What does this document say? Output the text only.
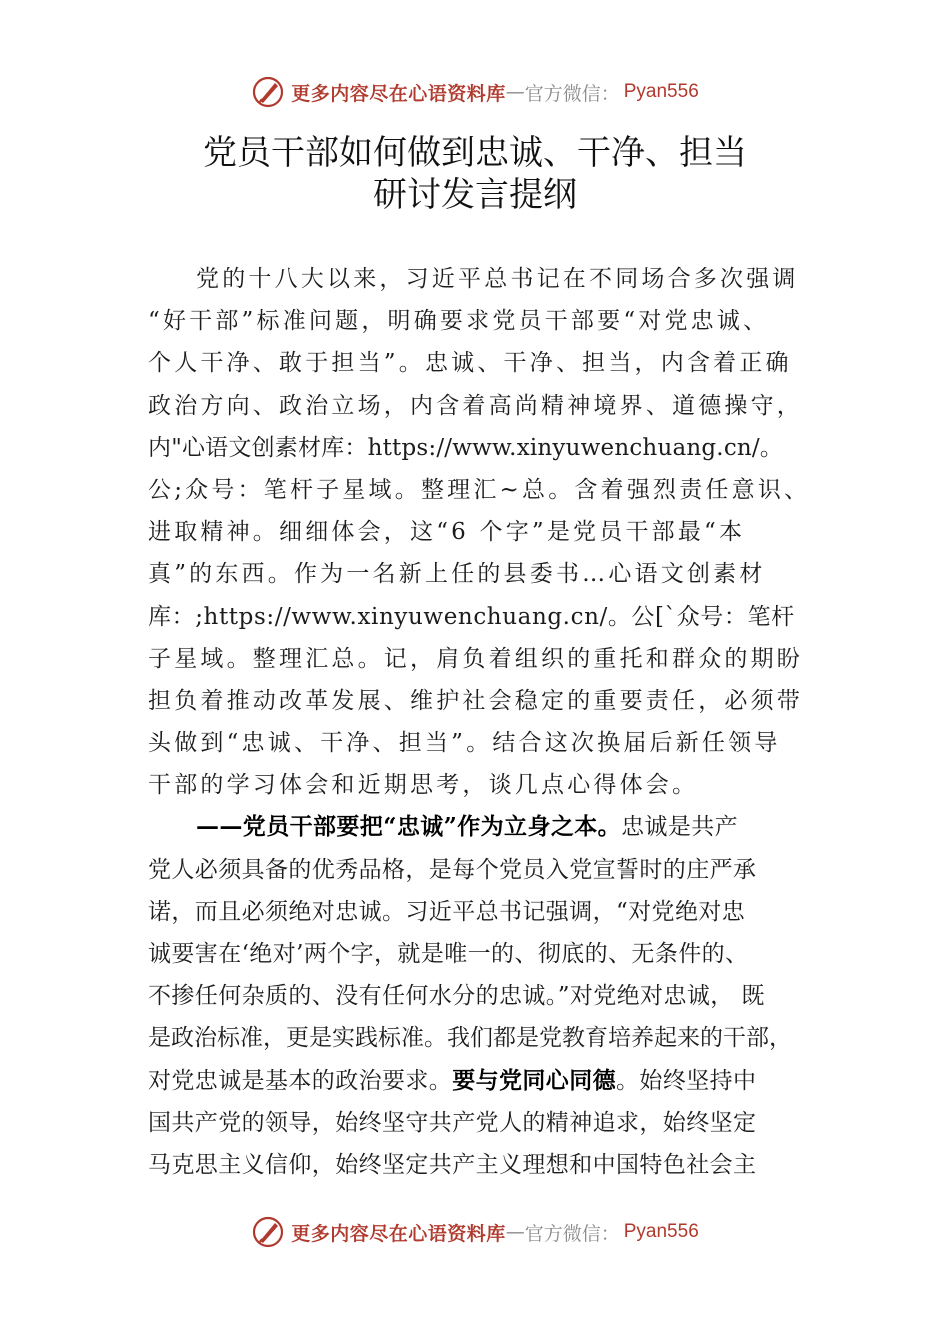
更多内容尽在心语资料库 — 官方微信： Pyan556
党员干部如何做到忠诚、干净、担当
研讨发言提纲
党的十八大以来，习近平总书记在不同场合多次强调
“好干部”标准问题，明确要求党员干部要“对党忠诚、
个人干净、敢于担当”。忠诚、干净、担当，内含着正确
政治方向、政治立场，内含着高尚精神境界、道德操守，
内"心语文创素材库：https://www.xinyuwenchuang.cn/。
公;众号：笔杆子星域。整理汇~总。含着强烈责任意识、
进取精神。细细体会，这“6 个字”是党员干部最“本
真”的东西。作为一名新上任的县委书…心语文创素材
库：;https://www.xinyuwenchuang.cn/。公[`众号：笔杆
子星域。整理汇总。记，肩负着组织的重托和群众的期盼
担负着推动改革发展、维护社会稳定的重要责任，必须带
头做到“忠诚、干净、担当”。结合这次换届后新任领导
干部的学习体会和近期思考，谈几点心得体会。
——党员干部要把“忠诚”作为立身之本。忠诚是共产
党人必须具备的优秀品格，是每个党员入党宣誓时的庄严承
诺，而且必须绝对忠诚。习近平总书记强调，“对党绝对忠
诚要害在‘绝对’两个字，就是唯一的、彻底的、无条件的、
不掺任何杂质的、没有任何水分的忠诚。”对党绝对忠诚， 既
是政治标准，更是实践标准。我们都是党教育培养起来的干部，
对党忠诚是基本的政治要求。要与党同心同德。始终坚持中
国共产党的领导，始终坚守共产党人的精神追求，始终坚定
马克思主义信仰，始终坚定共产主义理想和中国特色社会主
更多内容尽在心语资料库 — 官方微信： Pyan556
